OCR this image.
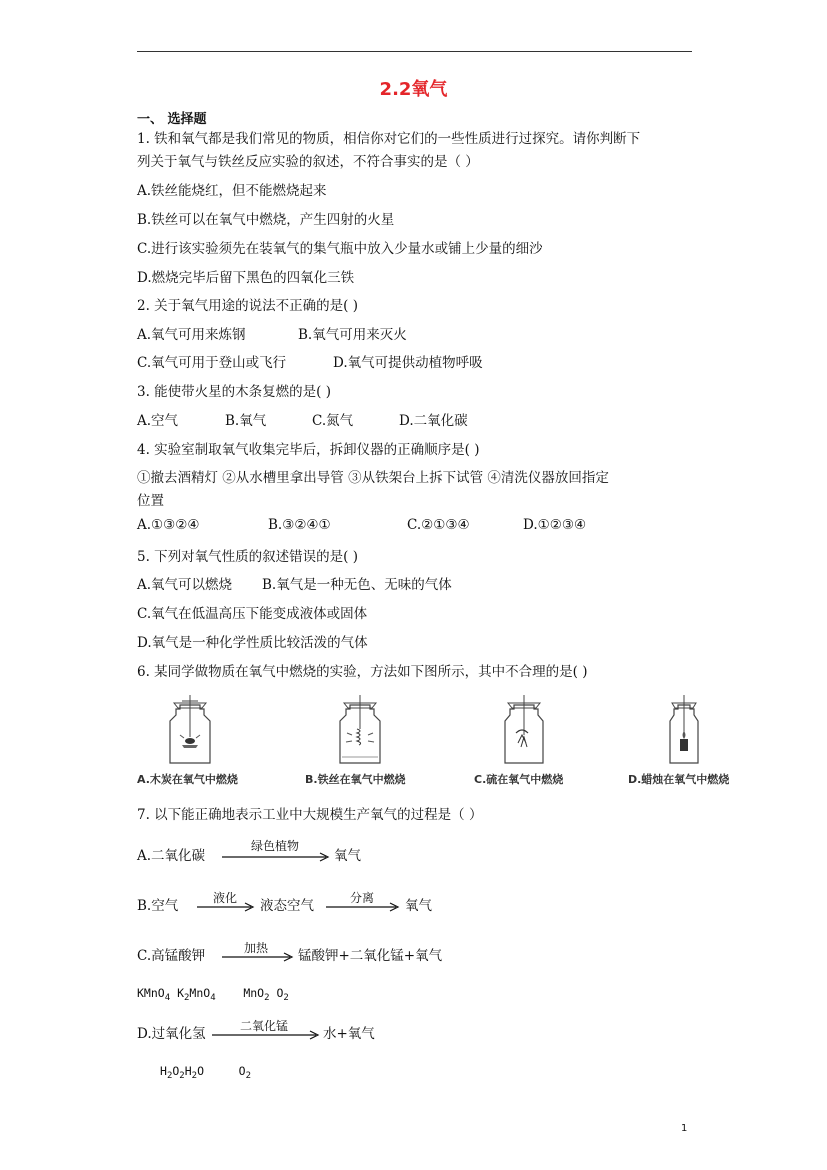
2.2氧气
一、 选择题
1. 铁和氧气都是我们常见的物质，相信你对它们的一些性质进行过探究。请你判断下
列关于氧气与铁丝反应实验的叙述，不符合事实的是（ ）
A.铁丝能烧红，但不能燃烧起来
B.铁丝可以在氧气中燃烧，产生四射的火星
C.进行该实验须先在装氧气的集气瓶中放入少量水或铺上少量的细沙
D.燃烧完毕后留下黑色的四氧化三铁
2. 关于氧气用途的说法不正确的是( )
A.氧气可用来炼钢	B.氧气可用来灭火
C.氧气可用于登山或飞行	D.氧气可提供动植物呼吸
3. 能使带火星的木条复燃的是( )
A.空气	B.氧气	C.氮气	D.二氧化碳
4. 实验室制取氧气收集完毕后，拆卸仪器的正确顺序是( )
①撤去酒精灯 ②从水槽里拿出导管 ③从铁架台上拆下试管 ④清洗仪器放回指定
位置
A.①③②④	B.③②④①	C.②①③④	D.①②③④
5. 下列对氧气性质的叙述错误的是( )
A.氧气可以燃烧 B.氧气是一种无色、无味的气体
C.氧气在低温高压下能变成液体或固体
D.氧气是一种化学性质比较活泼的气体
6. 某同学做物质在氧气中燃烧的实验，方法如下图所示，其中不合理的是( )
A.木炭在氧气中燃烧	B.铁丝在氧气中燃烧	C.硫在氧气中燃烧	D.蜡烛在氧气中燃烧
7. 以下能正确地表示工业中大规模生产氧气的过程是（ ）
A.二氧化碳
绿色植物
氧气
B.空气	液化 → 液态空气	分离	氧气
C.高锰酸钾	加热	锰酸钾+二氧化锰+氧气
KMnO$_4$ $K_2MnO_4$ MnO$_2$ $O_2$
D.过氧化氢	二氧化锰	水+氧气
$H_2O_2H_2O$	$O_2$
1
